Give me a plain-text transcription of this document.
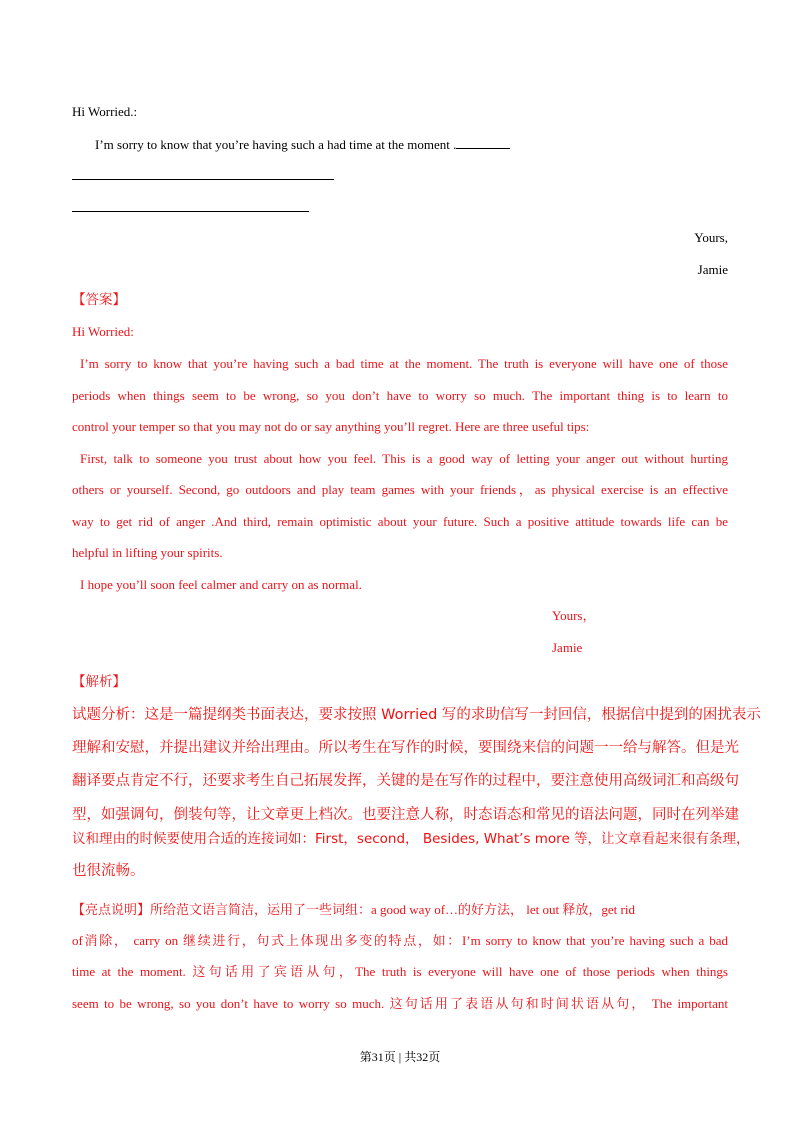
Hi Worried.:
I’m sorry to know that you’re having such a had time at the moment .
Yours,
Jamie
【答案】
Hi Worried:
I’m sorry to know that you’re having such a bad time at the moment. The truth is everyone will have one of those
periods when things seem to be wrong, so you don’t have to worry so much. The important thing is to learn to
control your temper so that you may not do or say anything you’ll regret. Here are three useful tips:
First, talk to someone you trust about how you feel. This is a good way of letting your anger out without hurting
others or yourself. Second, go outdoors and play team games with your friends，as physical exercise is an effective
way to get rid of anger .And third, remain optimistic about your future. Such a positive attitude towards life can be
helpful in lifting your spirits.
I hope you’ll soon feel calmer and carry on as normal.
Yours，
Jamie
【解析】
试题分析：这是一篇提纲类书面表达，要求按照 Worried 写的求助信写一封回信，根据信中提到的困扰表示
理解和安慰，并提出建议并给出理由。所以考生在写作的时候，要围绕来信的问题一一给与解答。但是光
翻译要点肯定不行，还要求考生自己拓展发挥，关键的是在写作的过程中，要注意使用高级词汇和高级句
型，如强调句，倒装句等，让文章更上档次。也要注意人称，时态语态和常见的语法问题，同时在列举建
议和理由的时候要使用合适的连接词如：First，second， Besides, What’s more 等，让文章看起来很有条理，
也很流畅。
【亮点说明】所给范文语言简洁，运用了一些词组：a good way of…的好方法， let out 释放，get rid
of消除， carry on 继续进行，句式上体现出多变的特点，如：I’m sorry to know that you’re having such a bad
time at the moment. 这句话用了宾语从句，The truth is everyone will have one of those periods when things
seem to be wrong, so you don’t have to worry so much. 这句话用了表语从句和时间状语从句， The important
第31页 | 共32页
